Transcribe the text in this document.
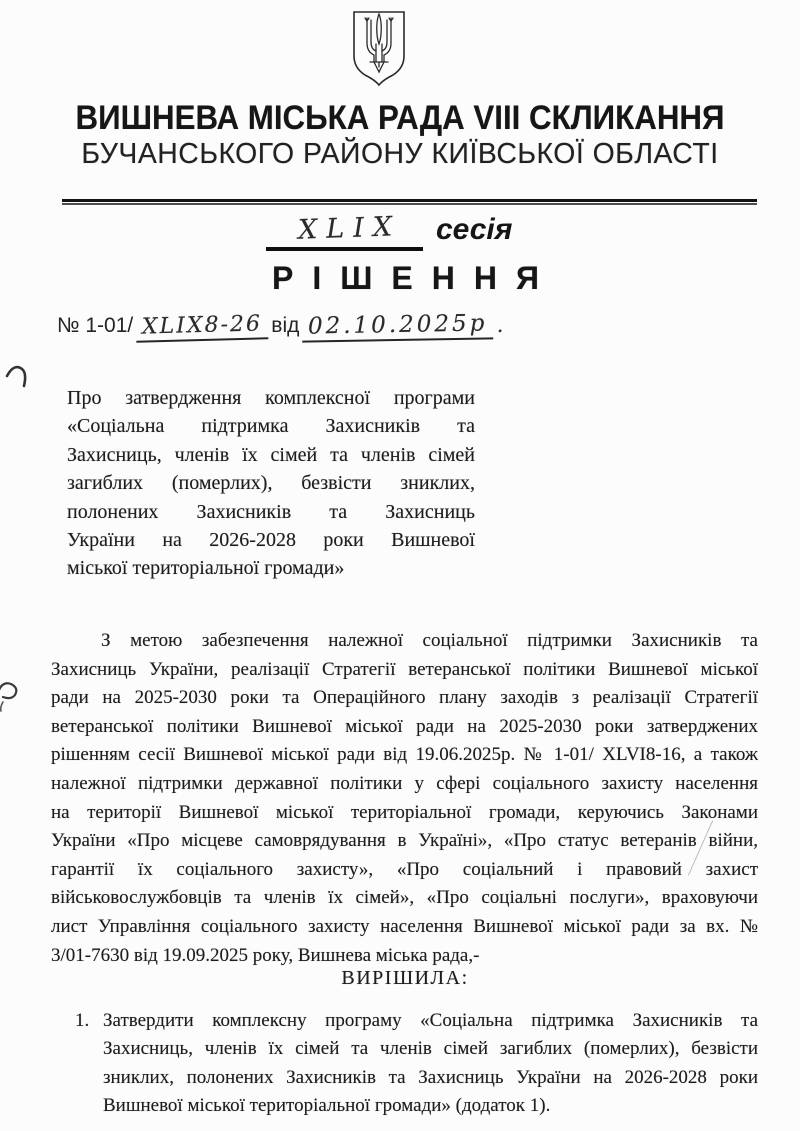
ВИШНЕВА МІСЬКА РАДА VIII СКЛИКАННЯ
БУЧАНСЬКОГО РАЙОНУ КИЇВСЬКОЇ ОБЛАСТІ
XLIX сесія
РІШЕННЯ
№ 1-01/ XLIX8-26 від 02.10.2025р .
Про затвердження комплексної програми
«Соціальна підтримка Захисників та
Захисниць, членів їх сімей та членів сімей
загиблих (померлих), безвісти зниклих,
полонених Захисників та Захисниць
України на 2026-2028 роки Вишневої
міської територіальної громади»
З метою забезпечення належної соціальної підтримки Захисників та
Захисниць України, реалізації Стратегії ветеранської політики Вишневої міської
ради на 2025-2030 роки та Операційного плану заходів з реалізації Стратегії
ветеранської політики Вишневої міської ради на 2025-2030 роки затверджених
рішенням сесії Вишневої міської ради від 19.06.2025р. № 1-01/ XLVI8-16, а також
належної підтримки державної політики у сфері соціального захисту населення
на території Вишневої міської територіальної громади, керуючись Законами
України «Про місцеве самоврядування в Україні», «Про статус ветеранів війни,
гарантії їх соціального захисту», «Про соціальний і правовий захист
військовослужбовців та членів їх сімей», «Про соціальні послуги», враховуючи
лист Управління соціального захисту населення Вишневої міської ради за вх. №
3/01-7630 від 19.09.2025 року, Вишнева міська рада,-
ВИРІШИЛА:
1. Затвердити комплексну програму «Соціальна підтримка Захисників та
Захисниць, членів їх сімей та членів сімей загиблих (померлих), безвісти
зниклих, полонених Захисників та Захисниць України на 2026-2028 роки
Вишневої міської територіальної громади» (додаток 1).
